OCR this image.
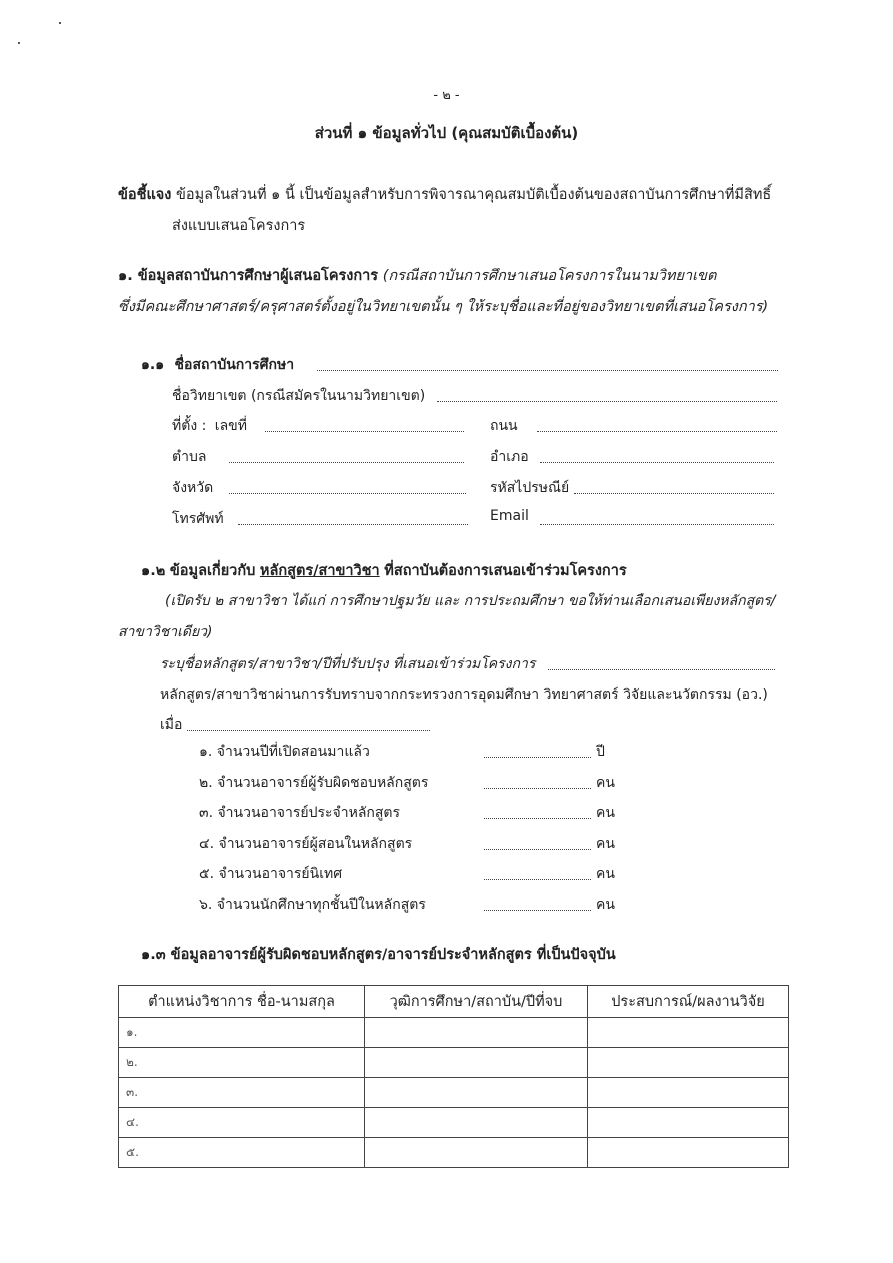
- ๒ -
ส่วนที่ ๑ ข้อมูลทั่วไป (คุณสมบัติเบื้องต้น)
ข้อชี้แจง ข้อมูลในส่วนที่ ๑ นี้ เป็นข้อมูลสำหรับการพิจารณาคุณสมบัติเบื้องต้นของสถาบันการศึกษาที่มีสิทธิ์
ส่งแบบเสนอโครงการ
๑. ข้อมูลสถาบันการศึกษาผู้เสนอโครงการ (กรณีสถาบันการศึกษาเสนอโครงการในนามวิทยาเขต
ซึ่งมีคณะศึกษาศาสตร์/ครุศาสตร์ตั้งอยู่ในวิทยาเขตนั้น ๆ ให้ระบุชื่อและที่อยู่ของวิทยาเขตที่เสนอโครงการ)
๑.๑ ชื่อสถาบันการศึกษา
ชื่อวิทยาเขต (กรณีสมัครในนามวิทยาเขต)
ที่ตั้ง : เลขที่	ถนน
ตำบล	อำเภอ
จังหวัด	รหัสไปรษณีย์
โทรศัพท์	Email
๑.๒ ข้อมูลเกี่ยวกับ หลักสูตร/สาขาวิชา ที่สถาบันต้องการเสนอเข้าร่วมโครงการ
(เปิดรับ ๒ สาขาวิชา ได้แก่ การศึกษาปฐมวัย และ การประถมศึกษา ขอให้ท่านเลือกเสนอเพียงหลักสูตร/
สาขาวิชาเดียว)
ระบุชื่อหลักสูตร/สาขาวิชา/ปีที่ปรับปรุง ที่เสนอเข้าร่วมโครงการ
หลักสูตร/สาขาวิชาผ่านการรับทราบจากกระทรวงการอุดมศึกษา วิทยาศาสตร์ วิจัยและนวัตกรรม (อว.)
เมื่อ
๑. จำนวนปีที่เปิดสอนมาแล้ว	ปี
๒. จำนวนอาจารย์ผู้รับผิดชอบหลักสูตร	คน
๓. จำนวนอาจารย์ประจำหลักสูตร	คน
๔. จำนวนอาจารย์ผู้สอนในหลักสูตร	คน
๕. จำนวนอาจารย์นิเทศ	คน
๖. จำนวนนักศึกษาทุกชั้นปีในหลักสูตร	คน
๑.๓ ข้อมูลอาจารย์ผู้รับผิดชอบหลักสูตร/อาจารย์ประจำหลักสูตร ที่เป็นปัจจุบัน
ตำแหน่งวิชาการ ชื่อ-นามสกุล	วุฒิการศึกษา/สถาบัน/ปีที่จบ	ประสบการณ์/ผลงานวิจัย
๑.		
๒.		
๓.		
๔.		
๕.		
